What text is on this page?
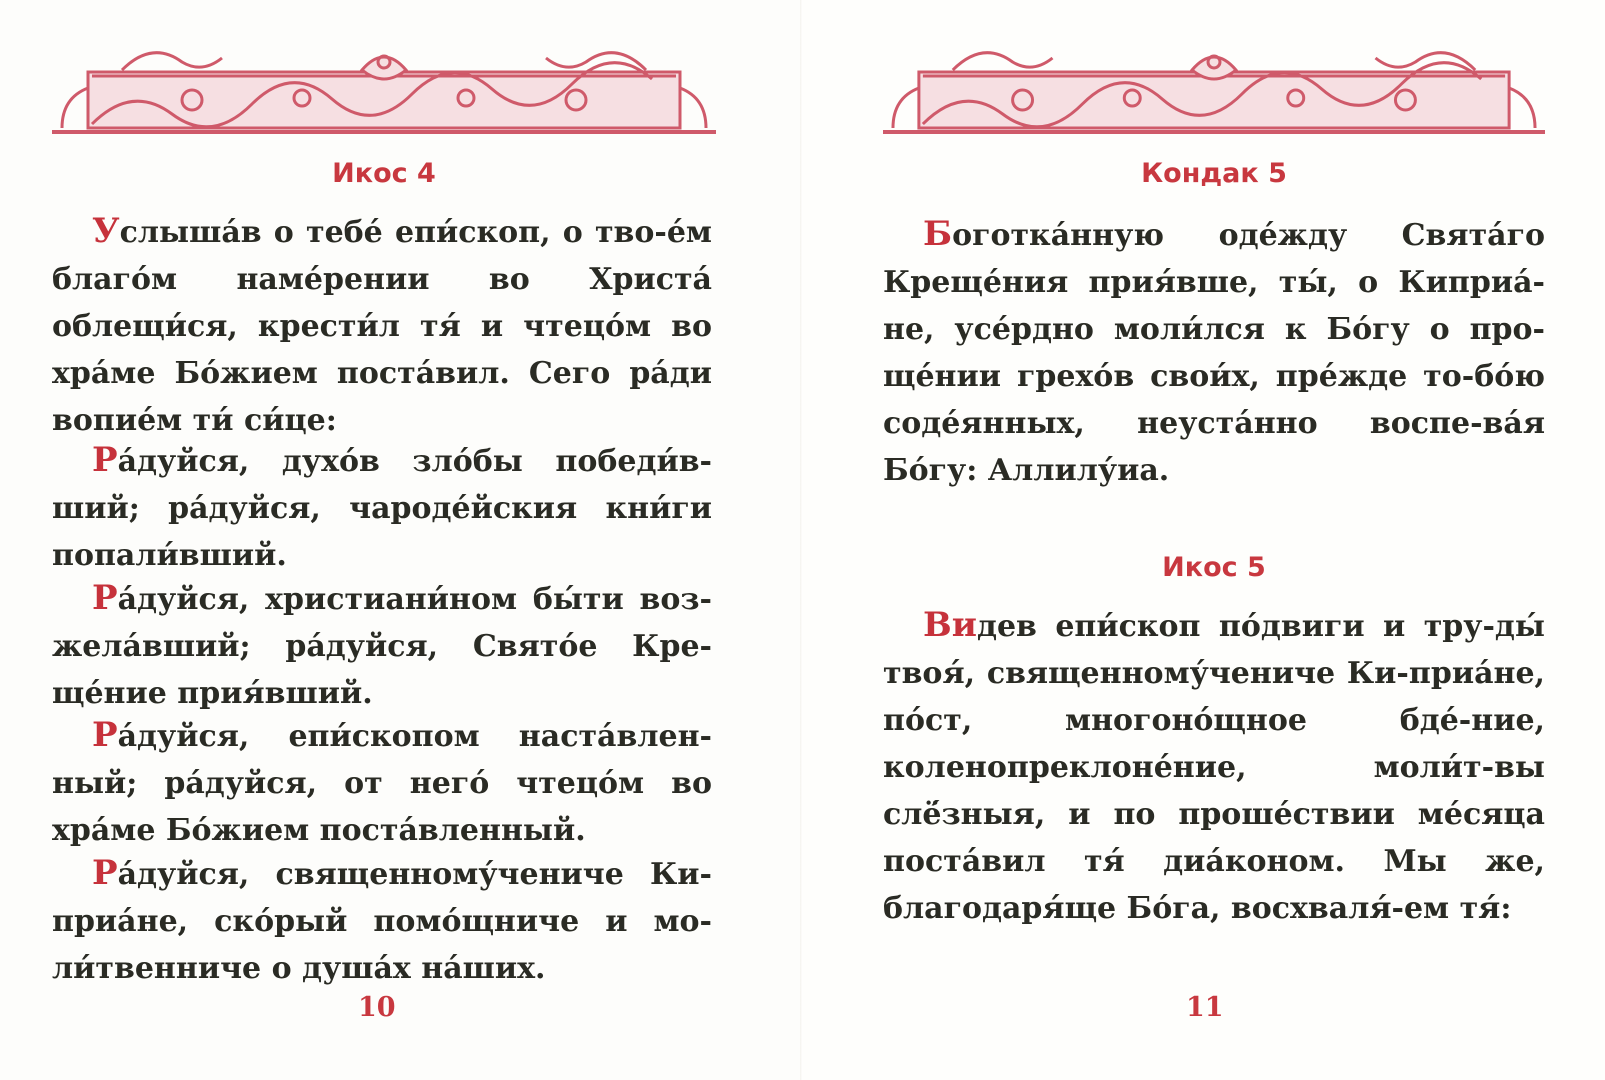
Икос 4
Услыша́в о тебе́ епи́скоп, о тво-е́м благо́м наме́рении во Христа́ облещи́ся, крести́л тя́ и чтецо́м во хра́ме Бо́жием поста́вил. Сего ра́ди вопие́м ти́ си́це:
Ра́дуйся, духо́в зло́бы победи́в-ший; ра́дуйся, чароде́йския кни́ги попали́вший.
Ра́дуйся, христиани́ном бы́ти воз-жела́вший; ра́дуйся, Свято́е Кре-ще́ние прия́вший.
Ра́дуйся, епи́скопом наста́влен-ный; ра́дуйся, от него́ чтецо́м во хра́ме Бо́жием поста́вленный.
Ра́дуйся, священному́ченичe Ки-приа́не, ско́рый помо́щниче и мо-ли́твенниче о душа́х на́ших.
10
Кондак 5
Боготка́нную оде́жду Свята́го Креще́ния прия́вше, ты́, о Киприа́-не, усе́рдно моли́лся к Бо́гу о про-ще́нии грехо́в свои́х, пре́жде то-бо́ю соде́янных, неуста́нно воспе-ва́я Бо́гу: Аллилу́иа.
Икос 5
Видев епи́скоп по́двиги и тру-ды́ твоя́, священному́ченичe Ки-приа́не, по́ст, многоно́щное бде́-ние, коленопреклоне́ние, моли́т-вы слё́зныя, и по проше́ствии ме́сяца поста́вил тя́ диа́коном. Мы же, благодаря́ще Бо́га, восхваля́-ем тя́:
11
